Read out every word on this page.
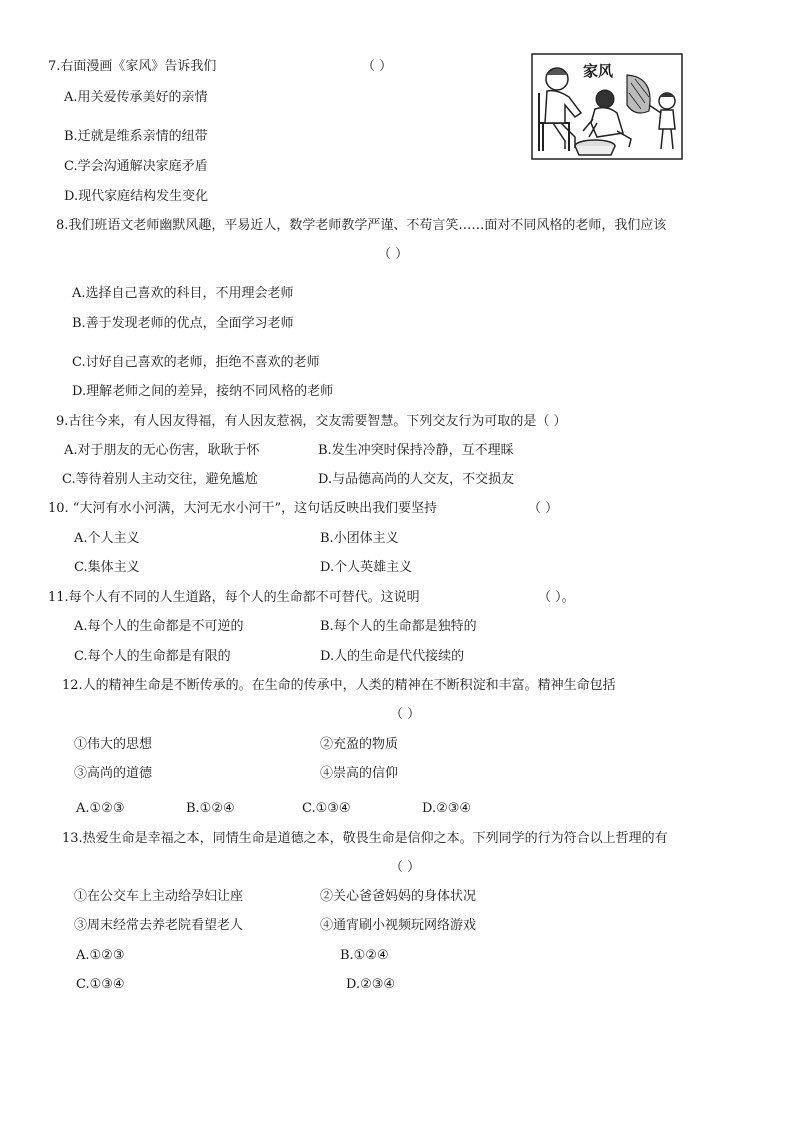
7.右面漫画《家风》告诉我们	（ ）
A.用关爱传承美好的亲情
B.迁就是维系亲情的纽带
C.学会沟通解决家庭矛盾
D.现代家庭结构发生变化
家风
8.我们班语文老师幽默风趣，平易近人，数学老师教学严谨、不苟言笑……面对不同风格的老师，我们应该
（ ）
A.选择自己喜欢的科目，不用理会老师
B.善于发现老师的优点，全面学习老师
C.讨好自己喜欢的老师，拒绝不喜欢的老师
D.理解老师之间的差异，接纳不同风格的老师
9.古往今来，有人因友得福，有人因友惹祸，交友需要智慧。下列交友行为可取的是（ ）
A.对于朋友的无心伤害，耿耿于怀	B.发生冲突时保持冷静，互不理睬
C.等待着别人主动交往，避免尴尬	D.与品德高尚的人交友，不交损友
10. “大河有水小河满，大河无水小河干”，这句话反映出我们要坚持	（ ）
A.个人主义	B.小团体主义
C.集体主义	D.个人英雄主义
11.每个人有不同的人生道路，每个人的生命都不可替代。这说明	（ ）。
A.每个人的生命都是不可逆的	B.每个人的生命都是独特的
C.每个人的生命都是有限的	D.人的生命是代代接续的
12.人的精神生命是不断传承的。在生命的传承中，人类的精神在不断积淀和丰富。精神生命包括
（ ）
①伟大的思想	②充盈的物质
③高尚的道德	④崇高的信仰
A.①②③	B.①②④	C.①③④	D.②③④
13.热爱生命是幸福之本，同情生命是道德之本，敬畏生命是信仰之本。下列同学的行为符合以上哲理的有
（ ）
①在公交车上主动给孕妇让座	②关心爸爸妈妈的身体状况
③周末经常去养老院看望老人	④通宵刷小视频玩网络游戏
A.①②③	B.①②④
C.①③④	D.②③④
